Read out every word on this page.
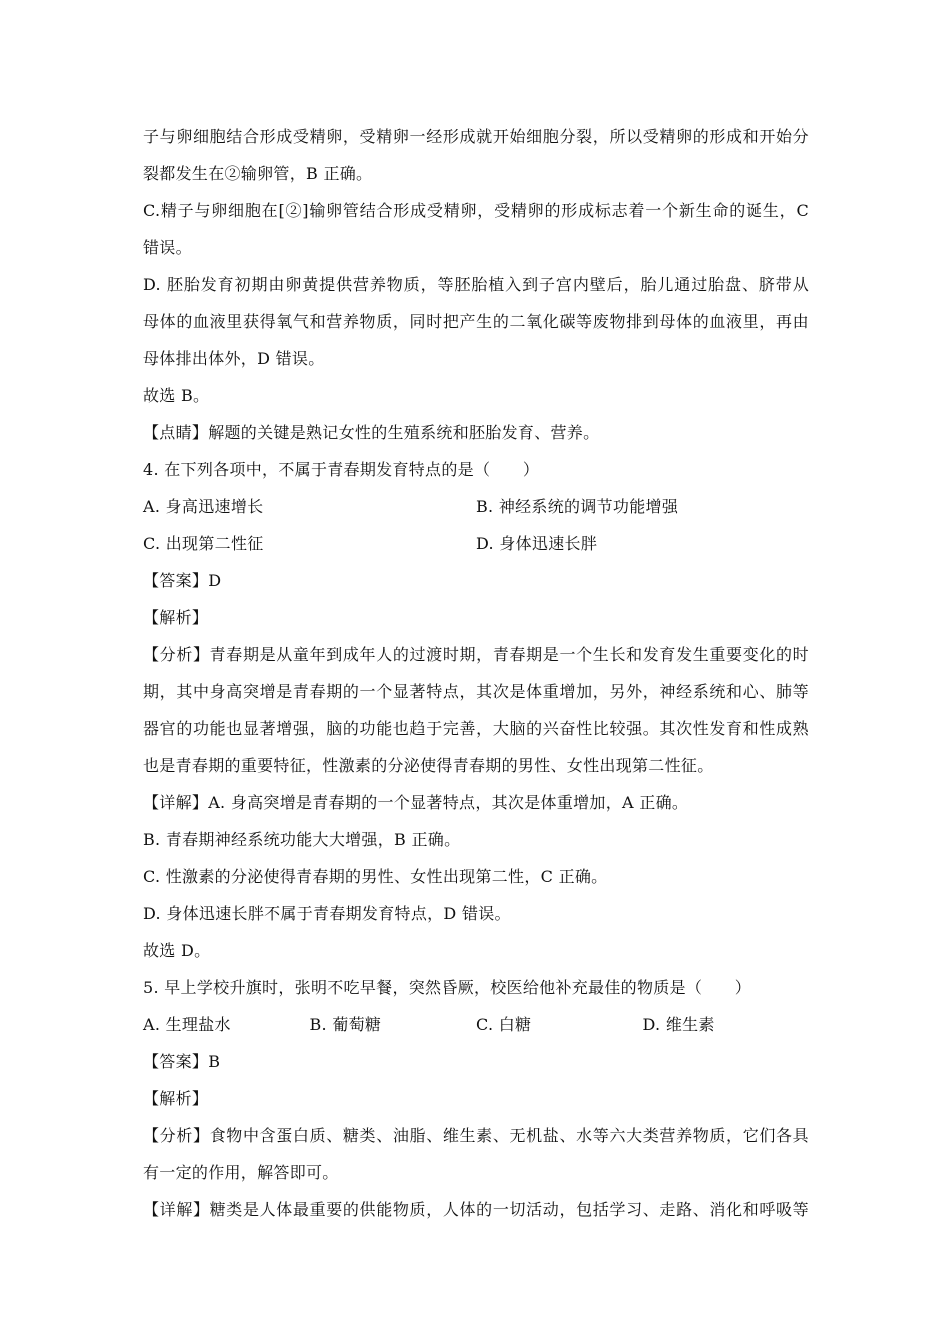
子与卵细胞结合形成受精卵，受精卵一经形成就开始细胞分裂，所以受精卵的形成和开始分
裂都发生在②输卵管，B 正确。
C.精子与卵细胞在[②]输卵管结合形成受精卵，受精卵的形成标志着一个新生命的诞生，C
错误。
D. 胚胎发育初期由卵黄提供营养物质，等胚胎植入到子宫内壁后，胎儿通过胎盘、脐带从
母体的血液里获得氧气和营养物质，同时把产生的二氧化碳等废物排到母体的血液里，再由
母体排出体外，D 错误。
故选 B。
【点睛】解题的关键是熟记女性的生殖系统和胚胎发育、营养。
4. 在下列各项中，不属于青春期发育特点的是（　　）
A. 身高迅速增长	B. 神经系统的调节功能增强
C. 出现第二性征	D. 身体迅速长胖
【答案】D
【解析】
【分析】青春期是从童年到成年人的过渡时期，青春期是一个生长和发育发生重要变化的时
期，其中身高突增是青春期的一个显著特点，其次是体重增加，另外，神经系统和心、肺等
器官的功能也显著增强，脑的功能也趋于完善，大脑的兴奋性比较强。其次性发育和性成熟
也是青春期的重要特征，性激素的分泌使得青春期的男性、女性出现第二性征。
【详解】A. 身高突增是青春期的一个显著特点，其次是体重增加，A 正确。
B. 青春期神经系统功能大大增强，B 正确。
C. 性激素的分泌使得青春期的男性、女性出现第二性，C 正确。
D. 身体迅速长胖不属于青春期发育特点，D 错误。
故选 D。
5. 早上学校升旗时，张明不吃早餐，突然昏厥，校医给他补充最佳的物质是（　　）
A. 生理盐水	B. 葡萄糖	C. 白糖	D. 维生素
【答案】B
【解析】
【分析】食物中含蛋白质、糖类、油脂、维生素、无机盐、水等六大类营养物质，它们各具
有一定的作用，解答即可。
【详解】糖类是人体最重要的供能物质，人体的一切活动，包括学习、走路、消化和呼吸等
